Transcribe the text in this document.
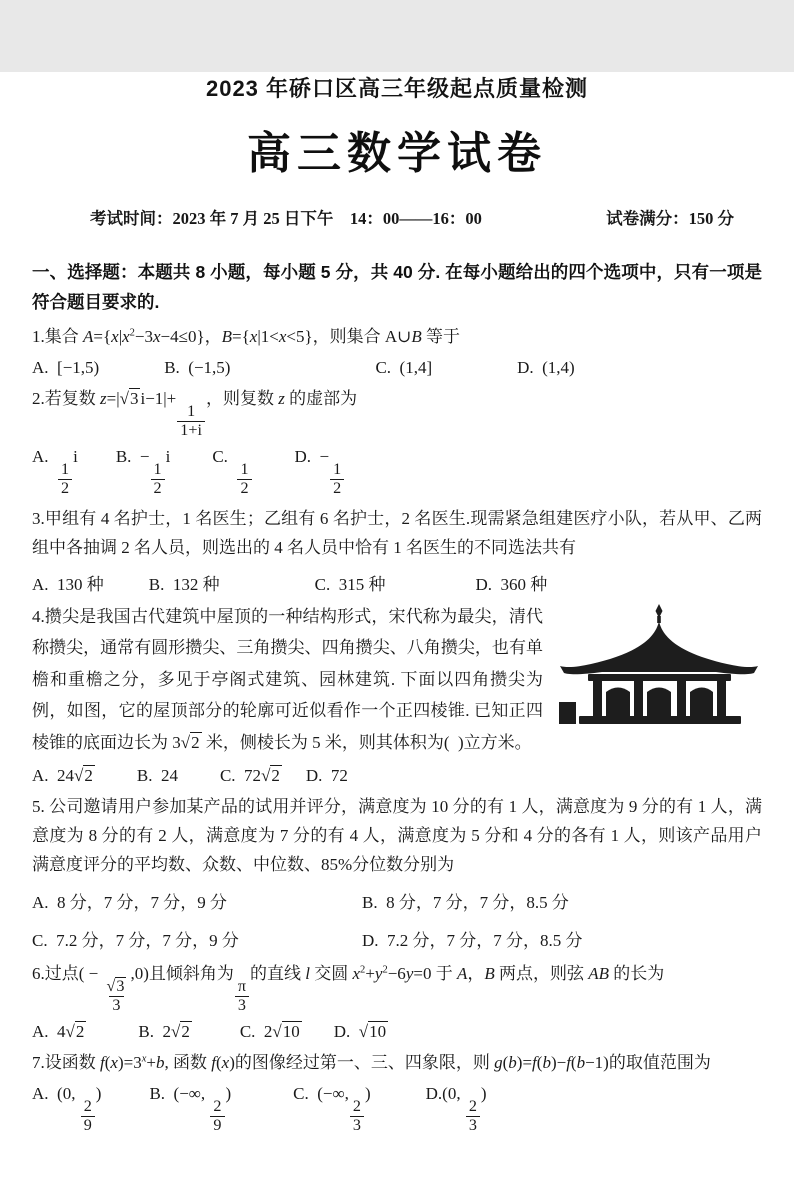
2023 年硚口区高三年级起点质量检测
高三数学试卷
考试时间：2023 年 7 月 25 日下午　14：00——16：00	试卷满分：150 分
一、选择题：本题共 8 小题，每小题 5 分，共 40 分. 在每小题给出的四个选项中，只有一项是符合题目要求的.
1.集合 $A=\{x|x^2-3x-4\le 0\}$，B={x|1<x<5}，则集合 A∪B 等于
A.  [−1,5)	B.  (−1,5)	C.  (1,4]	D.  (1,4)
2.若复数 z=|√3 i−1|+
$\frac{1}{1+i}$
，则复数 z 的虚部为
A.
$\frac{1}{2}$
i B.  −
$\frac{1}{2}$
i C.
$\frac{1}{2}$
D.  −
$\frac{1}{2}$
3.甲组有 4 名护士，1 名医生；乙组有 6 名护士，2 名医生.现需紧急组建医疗小队，若从甲、乙两组中各抽调 2 名人员，则选出的 4 名人员中恰有 1 名医生的不同选法共有
A.  130 种	B.  132 种	C.  315 种	D.  360 种
4.攒尖是我国古代建筑中屋顶的一种结构形式，宋代称为最尖，清代称攒尖，通常有圆形攒尖、三角攒尖、四角攒尖、八角攒尖，也有单檐和重檐之分，多见于亭阁式建筑、园林建筑. 下面以四角攒尖为例，如图，它的屋顶部分的轮廓可近似看作一个正四棱锥. 已知正四棱锥的底面边长为 3√2 米，侧棱长为 5 米，则其体积为(  )立方米。
A.  24√2	B.  24 C.  72√2 D.  72
5. 公司邀请用户参加某产品的试用并评分，满意度为 10 分的有 1 人，满意度为 9 分的有 1 人，满意度为 8 分的有 2 人，满意度为 7 分的有 4 人，满意度为 5 分和 4 分的各有 1 人，则该产品用户满意度评分的平均数、众数、中位数、85%分位数分别为
A.  8 分，7 分，7 分，9 分	B.  8 分，7 分，7 分，8.5 分
C.  7.2 分，7 分，7 分，9 分	D.  7.2 分，7 分，7 分，8.5 分
6.过点( −
$\frac{√3}{3}$
,0)且倾斜角为
$\frac{\pi}{3}$
的直线 l 交圆 $x^2+y^2-6y=0$ 于 A，B 两点，则弦 AB 的长为
A.  4√2	B.  2√2	C.  2√10 D.  √10
7.设函数 $f(x)=3^x+b$, 函数 f(x)的图像经过第一、三、四象限，则 g(b)=f(b)−f(b−1)的取值范围为
A.  (0,
$\frac{2}{9}$
)	B.  (−∞,
$\frac{2}{9}$
)	C.  (−∞,
$\frac{2}{3}$
)	D.(0,
$\frac{2}{3}$
)
